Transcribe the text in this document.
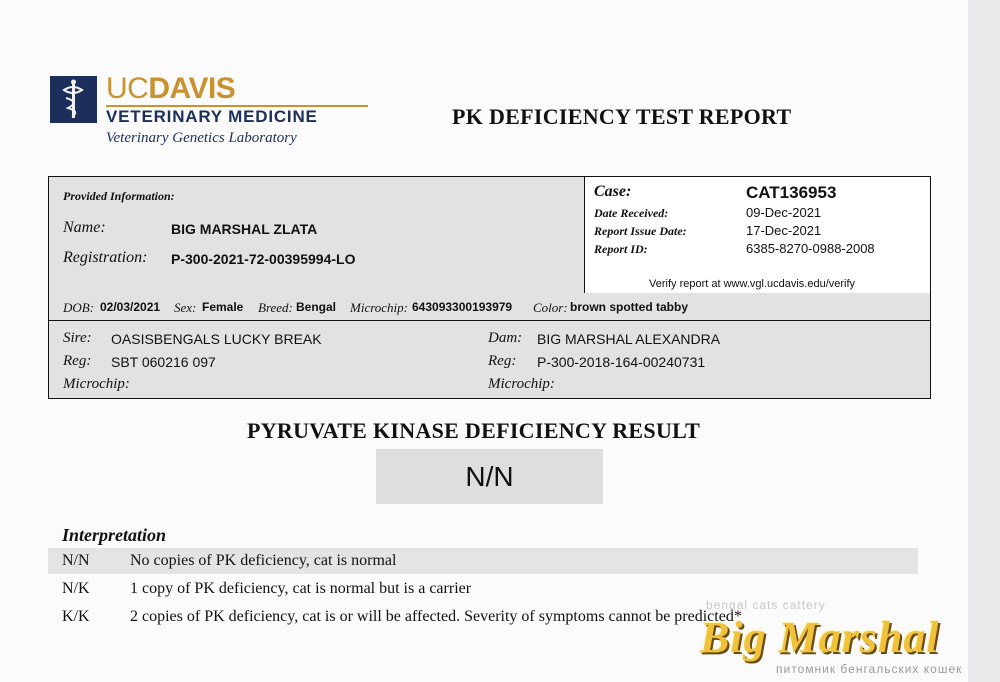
UCDAVIS
VETERINARY MEDICINE
Veterinary Genetics Laboratory
PK DEFICIENCY TEST REPORT
Provided Information:
Name:	BIG MARSHAL ZLATA
Registration: P-300-2021-72-00395994-LO
Case:	CAT136953
Date Received:	09-Dec-2021
Report Issue Date:	17-Dec-2021
Report ID:	6385-8270-0988-2008
Verify report at www.vgl.ucdavis.edu/verify
DOB: 02/03/2021 Sex: Female Breed: Bengal Microchip: 643093300193979 Color: brown spotted tabby
Sire: OASISBENGALS LUCKY BREAK
Reg: SBT 060216 097
Microchip:
Dam: BIG MARSHAL ALEXANDRA
Reg: P-300-2018-164-00240731
Microchip:
PYRUVATE KINASE DEFICIENCY RESULT
N/N
Interpretation
N/N	No copies of PK deficiency, cat is normal
N/K	1 copy of PK deficiency, cat is normal but is a carrier
K/K	2 copies of PK deficiency, cat is or will be affected. Severity of symptoms cannot be predicted*
bengal cats cattery
Big Marshal
питомник бенгальских кошек
